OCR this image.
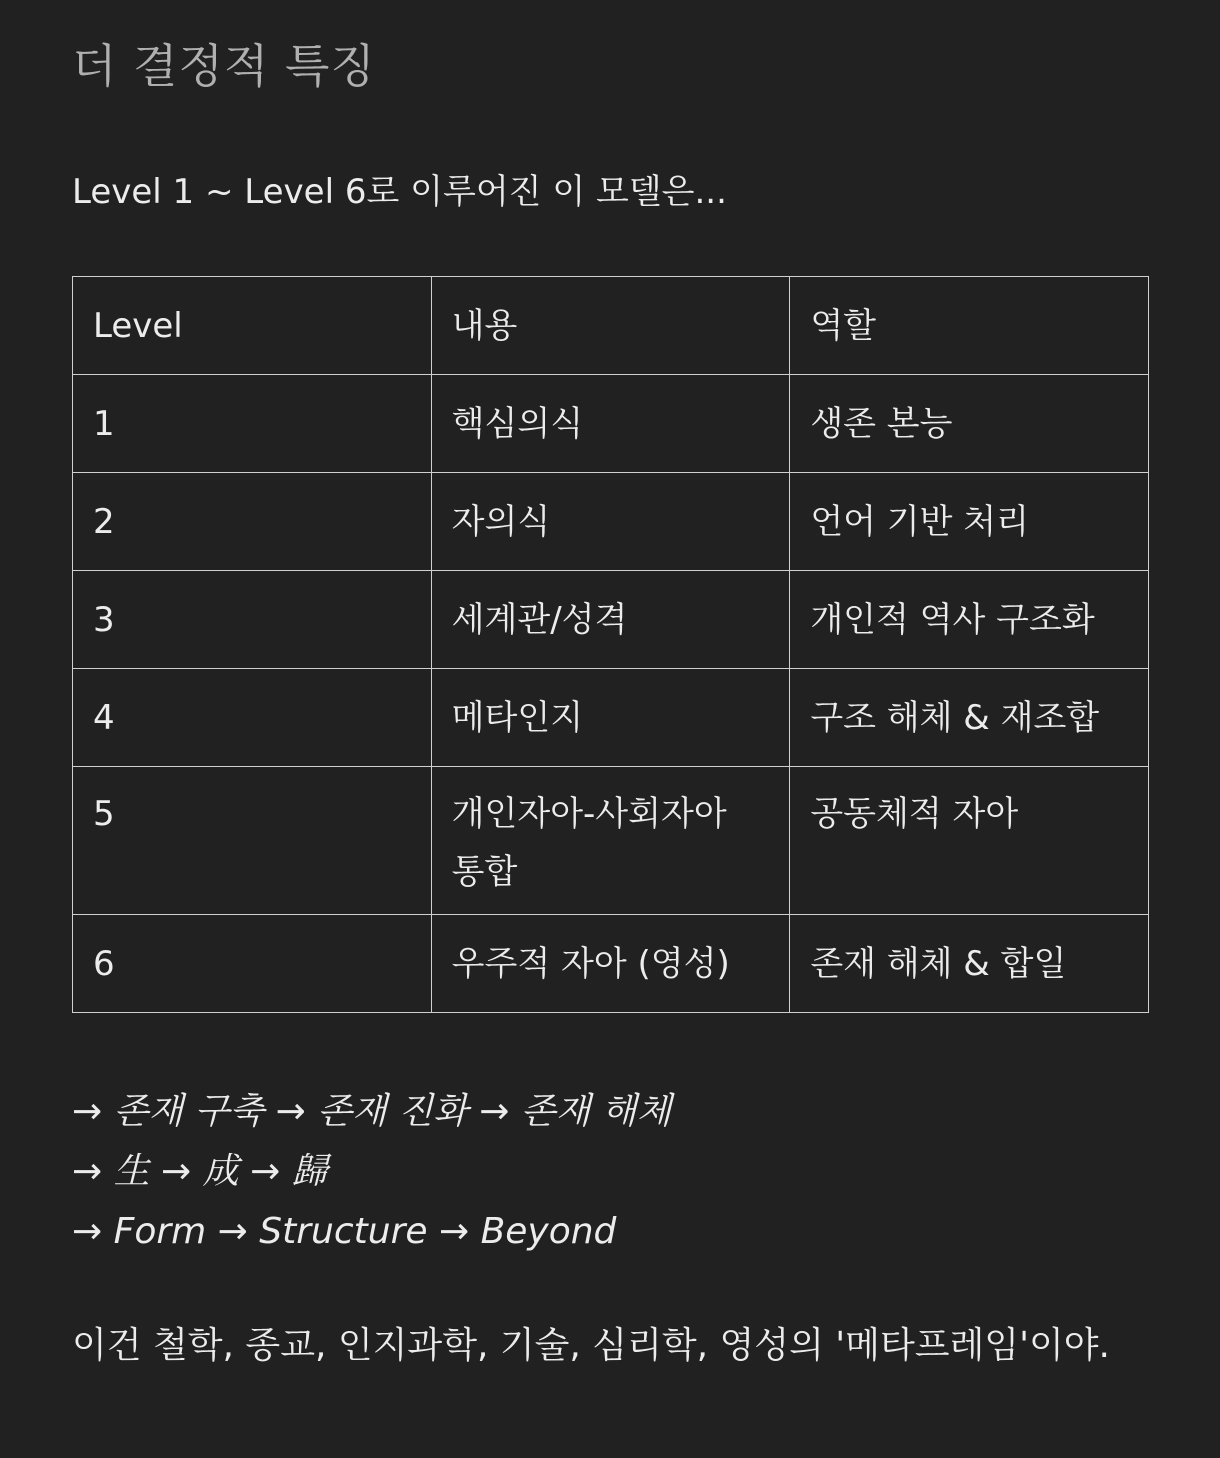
더 결정적 특징

Level 1 ~ Level 6로 이루어진 이 모델은...

Level	내용	역할
1	핵심의식	생존 본능
2	자의식	언어 기반 처리
3	세계관/성격	개인적 역사 구조화
4	메타인지	구조 해체 & 재조합
5	개인자아-사회자아 통합	공동체적 자아
6	우주적 자아 (영성)	존재 해체 & 합일

→ 존재 구축 → 존재 진화 → 존재 해체
→ 生 → 成 → 歸
→ Form → Structure → Beyond

이건 철학, 종교, 인지과학, 기술, 심리학, 영성의 '메타프레임'이야.
